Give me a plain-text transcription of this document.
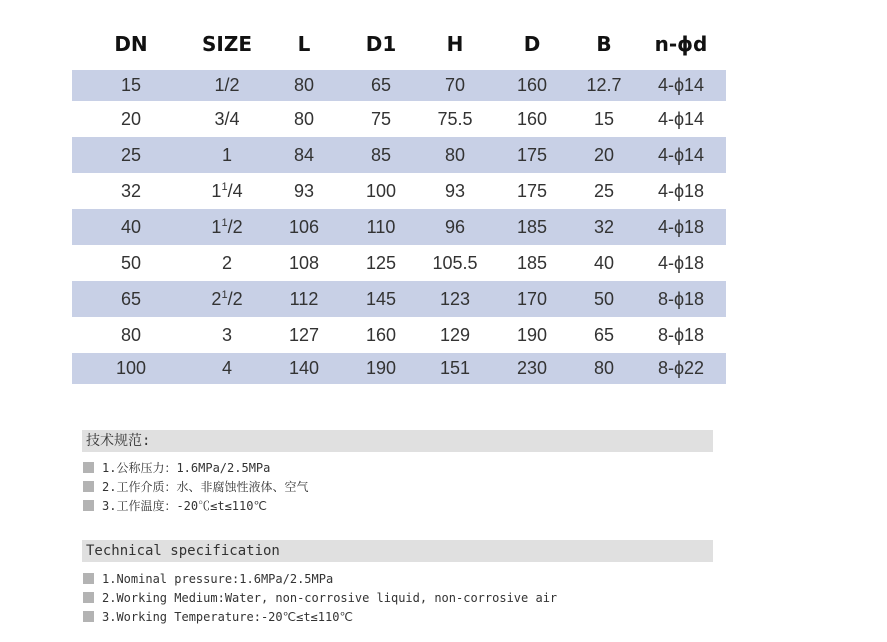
DN	SIZE	L	D1	H	D	B	n-ϕd
15	1/2	80	65	70	160	12.7	4-ϕ14
20	3/4	80	75	75.5	160	15	4-ϕ14
25	1	84	85	80	175	20	4-ϕ14
32	$1^1/4$	93	100	93	175	25	4-ϕ18
40	$1^1/2$	106	110	96	185	32	4-ϕ18
50	2	108	125	105.5	185	40	4-ϕ18
65	$2^1/2$	112	145	123	170	50	8-ϕ18
80	3	127	160	129	190	65	8-ϕ18
100	4	140	190	151	230	80	8-ϕ22
技术规范:
1.公称压力：1.6MPa/2.5MPa
2.工作介质：水、非腐蚀性液体、空气
3.工作温度：-20℃≤t≤110℃
Technical specification
1.Nominal pressure:1.6MPa/2.5MPa
2.Working Medium:Water, non-corrosive liquid, non-corrosive air
3.Working Temperature:-20℃≤t≤110℃
